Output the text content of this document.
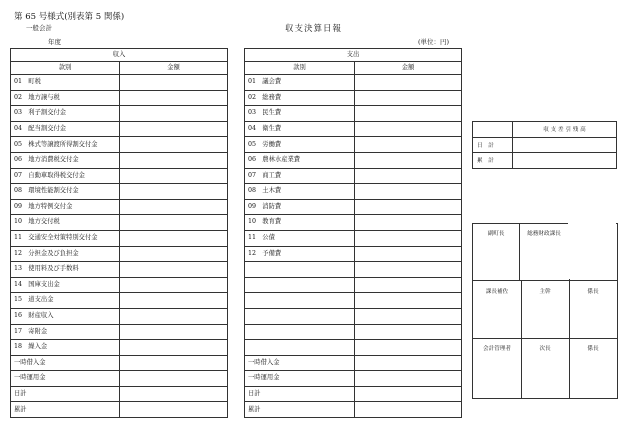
第 65 号様式(別表第 5 関係)
一般会計	収支決算日報
年度	(単位：円)
収入			支出	
款別	金額		款別	金額
01　町税			01　議会費	
02　地方譲与税			02　総務費	
03　利子割交付金			03　民生費	
04　配当割交付金			04　衛生費	
05　株式等譲渡所得割交付金			05　労働費	
06　地方消費税交付金			06　農林水産業費	
07　自動車取得税交付金			07　商工費	
08　環境性能割交付金			08　土木費	
09　地方特例交付金			09　消防費	
10　地方交付税			10　教育費	
11　交通安全対策特別交付金			11　公債	
12　分担金及び負担金			12　予備費	
13　使用料及び手数料				
14　国庫支出金				
15　道支出金				
16　財産収入				
17　寄附金				
18　繰入金				
一時借入金			一時借入金	
一時運用金			一時運用金	
日計			日計	
累計			累計	
	収 支 差 引 残 高
日　計	
累　計	
副町長	総務財政課長
課長補佐	主幹	係長
会計管理者	次長	係長
